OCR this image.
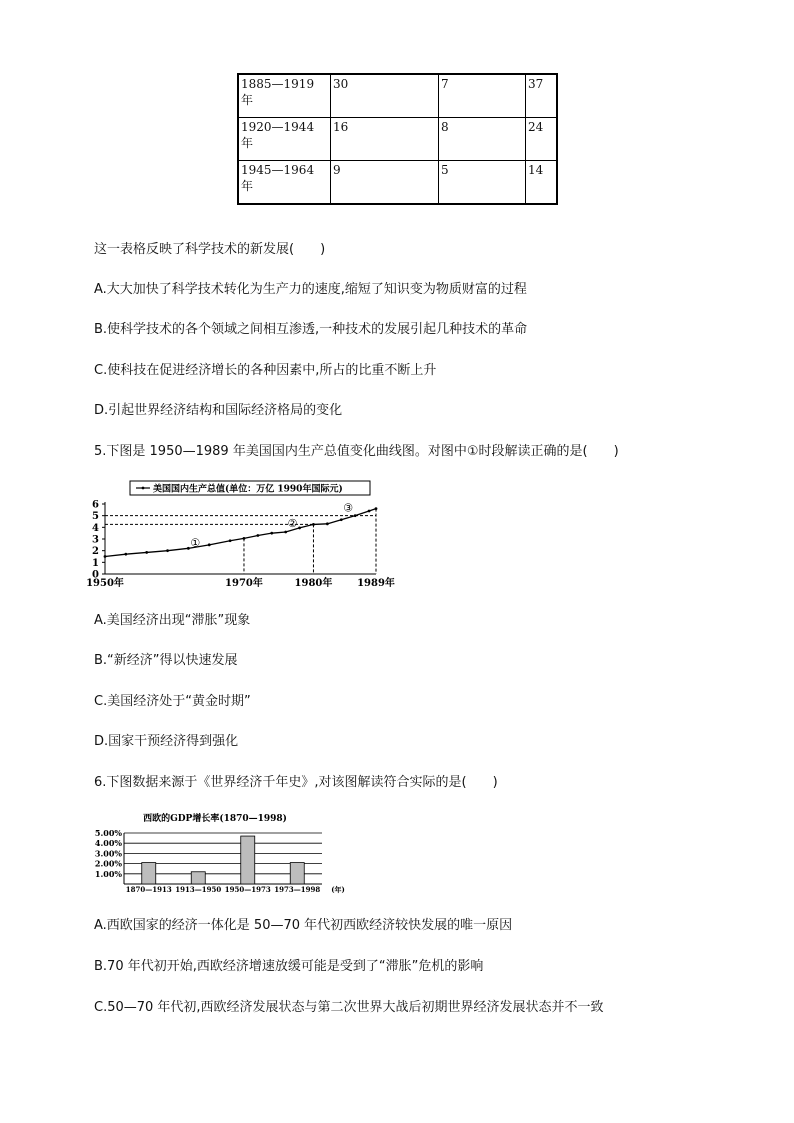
1885—1919 年	30	7	37
1920—1944 年	16	8	24
1945—1964 年	9	5	14
这一表格反映了科学技术的新发展(　　)
A.大大加快了科学技术转化为生产力的速度,缩短了知识变为物质财富的过程
B.使科学技术的各个领域之间相互渗透,一种技术的发展引起几种技术的革命
C.使科技在促进经济增长的各种因素中,所占的比重不断上升
D.引起世界经济结构和国际经济格局的变化
5.下图是 1950—1989 年美国国内生产总值变化曲线图。对图中①时段解读正确的是(　　)
0
1
2
3
4
5
6
1950年	1970年	1980年 1989年
①
②
③
美国国内生产总值(单位：万亿 1990年国际元)
A.美国经济出现“滞胀”现象
B.“新经济”得以快速发展
C.美国经济处于“黄金时期”
D.国家干预经济得到强化
6.下图数据来源于《世界经济千年史》,对该图解读符合实际的是(　　)
西欧的GDP增长率(1870—1998)
1.00%
2.00%
3.00%
4.00%
5.00%
1870—1913 1913—1950 1950—1973 1973—1998 (年)
A.西欧国家的经济一体化是 50—70 年代初西欧经济较快发展的唯一原因
B.70 年代初开始,西欧经济增速放缓可能是受到了“滞胀”危机的影响
C.50—70 年代初,西欧经济发展状态与第二次世界大战后初期世界经济发展状态并不一致
